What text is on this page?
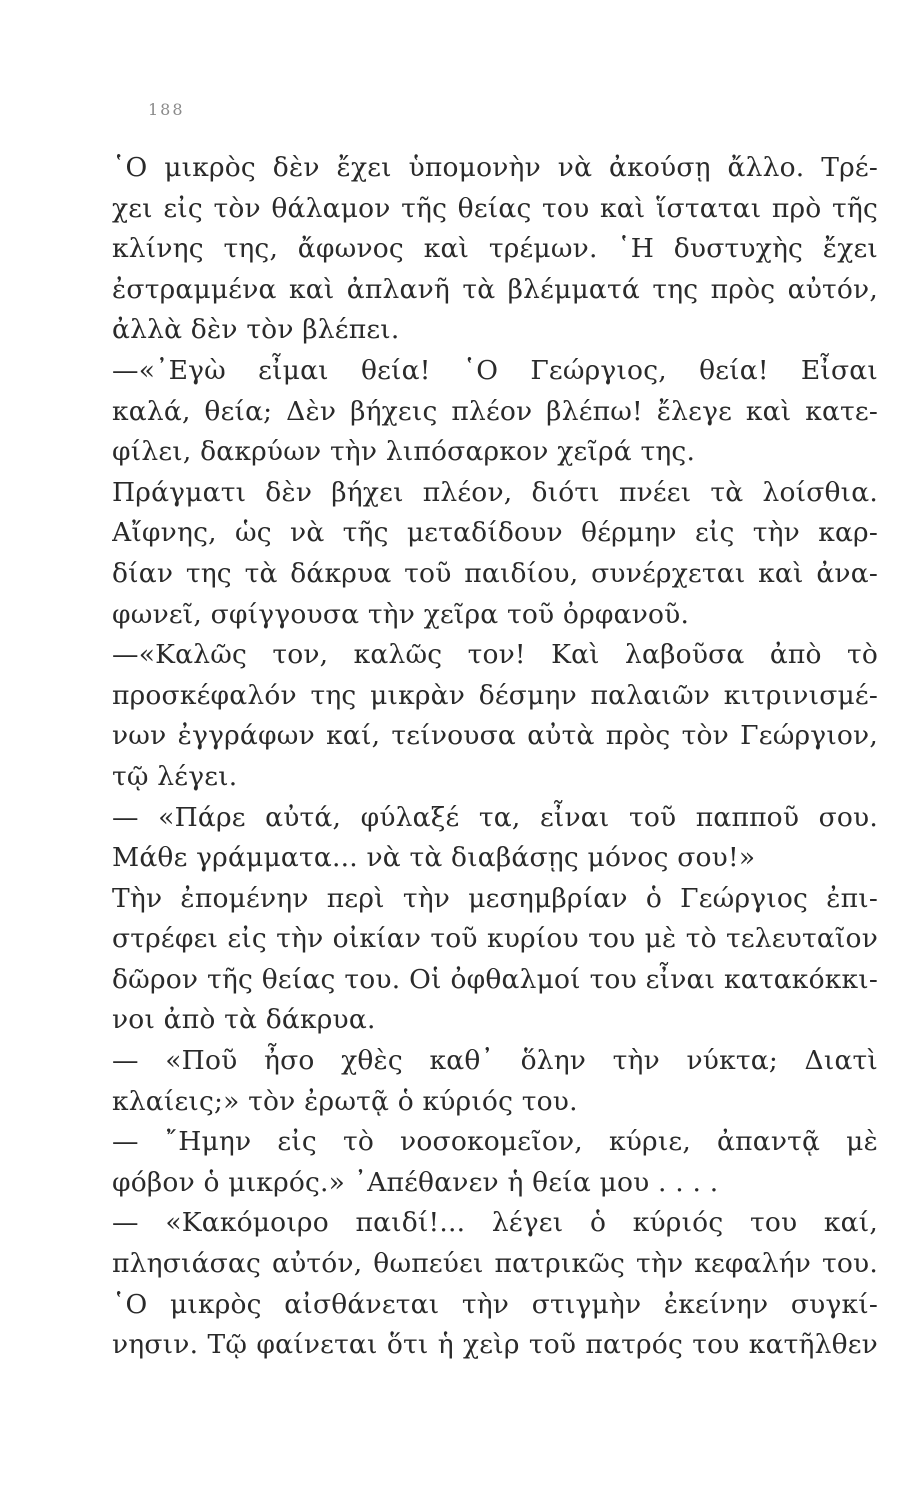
188
῾Ο μικρὸς δὲν ἔχει ὑπομονὴν νὰ ἀκούσῃ ἄλλο. Τρέ-
χει εἰς τὸν θάλαμον τῆς θείας του καὶ ἵσταται πρὸ τῆς
κλίνης της, ἄφωνος καὶ τρέμων. ῾Η δυστυχὴς ἔχει
ἐστραμμένα καὶ ἀπλανῆ τὰ βλέμματά της πρὸς αὐτόν,
ἀλλὰ δὲν τὸν βλέπει.
—«᾿Εγὼ εἶμαι θεία! ῾Ο Γεώργιος, θεία! Εἶσαι
καλά, θεία; Δὲν βήχεις πλέον βλέπω! ἔλεγε καὶ κατε-
φίλει, δακρύων τὴν λιπόσαρκον χεῖρά της.
Πράγματι δὲν βήχει πλέον, διότι πνέει τὰ λοίσθια.
Αἴφνης, ὡς νὰ τῆς μεταδίδουν θέρμην εἰς τὴν καρ-
δίαν της τὰ δάκρυα τοῦ παιδίου, συνέρχεται καὶ ἀνα-
φωνεῖ, σφίγγουσα τὴν χεῖρα τοῦ ὀρφανοῦ.
—«Καλῶς τον, καλῶς τον! Καὶ λαβοῦσα ἀπὸ τὸ
προσκέφαλόν της μικρὰν δέσμην παλαιῶν κιτρινισμέ-
νων ἐγγράφων καί, τείνουσα αὐτὰ πρὸς τὸν Γεώργιον,
τῷ λέγει.
— «Πάρε αὐτά, φύλαξέ τα, εἶναι τοῦ παπποῦ σου.
Μάθε γράμματα... νὰ τὰ διαβάσῃς μόνος σου!»
Τὴν ἐπομένην περὶ τὴν μεσημβρίαν ὁ Γεώργιος ἐπι-
στρέφει εἰς τὴν οἰκίαν τοῦ κυρίου του μὲ τὸ τελευταῖον
δῶρον τῆς θείας του. Οἱ ὀφθαλμοί του εἶναι κατακόκκι-
νοι ἀπὸ τὰ δάκρυα.
— «Ποῦ ἦσο χθὲς καθ᾿ ὅλην τὴν νύκτα; Διατὶ
κλαίεις;» τὸν ἐρωτᾷ ὁ κύριός του.
— ῎Ημην εἰς τὸ νοσοκομεῖον, κύριε, ἀπαντᾷ μὲ
φόβον ὁ μικρός.» ᾿Απέθανεν ἡ θεία μου . . . .
— «Κακόμοιρο παιδί!... λέγει ὁ κύριός του καί,
πλησιάσας αὐτόν, θωπεύει πατρικῶς τὴν κεφαλήν του.
῾Ο μικρὸς αἰσθάνεται τὴν στιγμὴν ἐκείνην συγκί-
νησιν. Τῷ φαίνεται ὅτι ἡ χεὶρ τοῦ πατρός του κατῆλθεν
